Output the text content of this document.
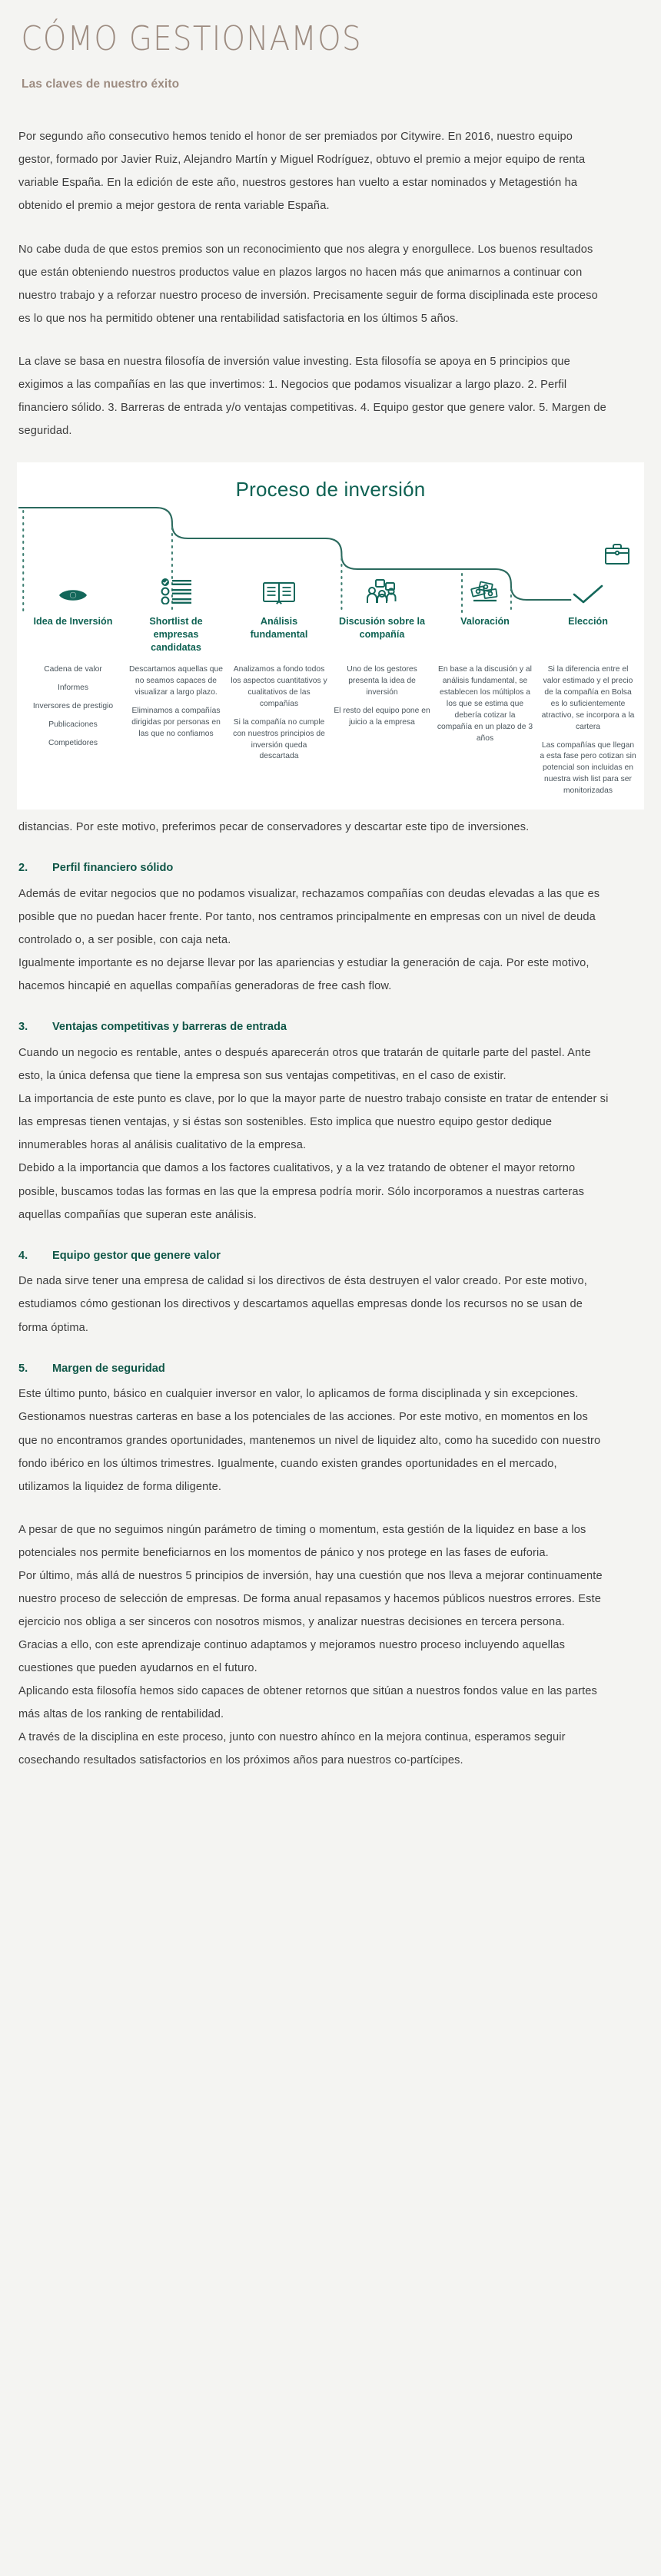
CÓMO GESTIONAMOS
Las claves de nuestro éxito

Por segundo año consecutivo hemos tenido el honor de ser premiados por Citywire. En 2016, nuestro equipo gestor, formado por Javier Ruiz, Alejandro Martín y Miguel Rodríguez, obtuvo el premio a mejor equipo de renta variable España. En la edición de este año, nuestros gestores han vuelto a estar nominados y Metagestión ha obtenido el premio a mejor gestora de renta variable España.

No cabe duda de que estos premios son un reconocimiento que nos alegra y enorgullece. Los buenos resultados que están obteniendo nuestros productos value en plazos largos no hacen más que animarnos a continuar con nuestro trabajo y a reforzar nuestro proceso de inversión. Precisamente seguir de forma disciplinada este proceso es lo que nos ha permitido obtener una rentabilidad satisfactoria en los últimos 5 años.

La clave se basa en nuestra filosofía de inversión value investing. Esta filosofía se apoya en 5 principios que exigimos a las compañías en las que invertimos: 1. Negocios que podamos visualizar a largo plazo. 2. Perfil financiero sólido. 3. Barreras de entrada y/o ventajas competitivas. 4. Equipo gestor que genere valor. 5. Margen de seguridad.

Proceso de inversión
Idea de Inversión

Cadena de valor

Informes

Inversores de prestigio

Publicaciones

Competidores

Shortlist de empresas candidatas

Descartamos aquellas que no seamos capaces de visualizar a largo plazo.

Eliminamos a compañías dirigidas por personas en las que no confiamos

Análisis fundamental

Analizamos a fondo todos los aspectos cuantitativos y cualitativos de las compañías

Si la compañía no cumple con nuestros principios de inversión queda descartada

Discusión sobre la compañía

Uno de los gestores presenta la idea de inversión

El resto del equipo pone en juicio a la empresa

Valoración

En base a la discusión y al análisis fundamental, se establecen los múltiplos a los que se estima que debería cotizar la compañía en un plazo de 3 años

Elección

Si la diferencia entre el valor estimado y el precio de la compañía en Bolsa es lo suficientemente atractivo, se incorpora a la cartera

Las compañías que llegan a esta fase pero cotizan sin potencial son incluidas en nuestra wish list para ser monitorizadas

distancias. Por este motivo, preferimos pecar de conservadores y descartar este tipo de inversiones.

2.	Perfil financiero sólido

Además de evitar negocios que no podamos visualizar, rechazamos compañías con deudas elevadas a las que es posible que no puedan hacer frente. Por tanto, nos centramos principalmente en empresas con un nivel de deuda controlado o, a ser posible, con caja neta.

Igualmente importante es no dejarse llevar por las apariencias y estudiar la generación de caja. Por este motivo, hacemos hincapié en aquellas compañías generadoras de free cash flow.

3.	Ventajas competitivas y barreras de entrada

Cuando un negocio es rentable, antes o después aparecerán otros que tratarán de quitarle parte del pastel. Ante esto, la única defensa que tiene la empresa son sus ventajas competitivas, en el caso de existir.

La importancia de este punto es clave, por lo que la mayor parte de nuestro trabajo consiste en tratar de entender si las empresas tienen ventajas, y si éstas son sostenibles. Esto implica que nuestro equipo gestor dedique innumerables horas al análisis cualitativo de la empresa.

Debido a la importancia que damos a los factores cualitativos, y a la vez tratando de obtener el mayor retorno posible, buscamos todas las formas en las que la empresa podría morir. Sólo incorporamos a nuestras carteras aquellas compañías que superan este análisis.

4.	Equipo gestor que genere valor

De nada sirve tener una empresa de calidad si los directivos de ésta destruyen el valor creado. Por este motivo, estudiamos cómo gestionan los directivos y descartamos aquellas empresas donde los recursos no se usan de forma óptima.

5.	Margen de seguridad

Este último punto, básico en cualquier inversor en valor, lo aplicamos de forma disciplinada y sin excepciones. Gestionamos nuestras carteras en base a los potenciales de las acciones. Por este motivo, en momentos en los que no encontramos grandes oportunidades, mantenemos un nivel de liquidez alto, como ha sucedido con nuestro fondo ibérico en los últimos trimestres. Igualmente, cuando existen grandes oportunidades en el mercado, utilizamos la liquidez de forma diligente.

A pesar de que no seguimos ningún parámetro de timing o momentum, esta gestión de la liquidez en base a los potenciales nos permite beneficiarnos en los momentos de pánico y nos protege en las fases de euforia.

Por último, más allá de nuestros 5 principios de inversión, hay una cuestión que nos lleva a mejorar continuamente nuestro proceso de selección de empresas. De forma anual repasamos y hacemos públicos nuestros errores. Este ejercicio nos obliga a ser sinceros con nosotros mismos, y analizar nuestras decisiones en tercera persona.

Gracias a ello, con este aprendizaje continuo adaptamos y mejoramos nuestro proceso incluyendo aquellas cuestiones que pueden ayudarnos en el futuro.

Aplicando esta filosofía hemos sido capaces de obtener retornos que sitúan a nuestros fondos value en las partes más altas de los ranking de rentabilidad.

A través de la disciplina en este proceso, junto con nuestro ahínco en la mejora continua, esperamos seguir cosechando resultados satisfactorios en los próximos años para nuestros co-partícipes.
